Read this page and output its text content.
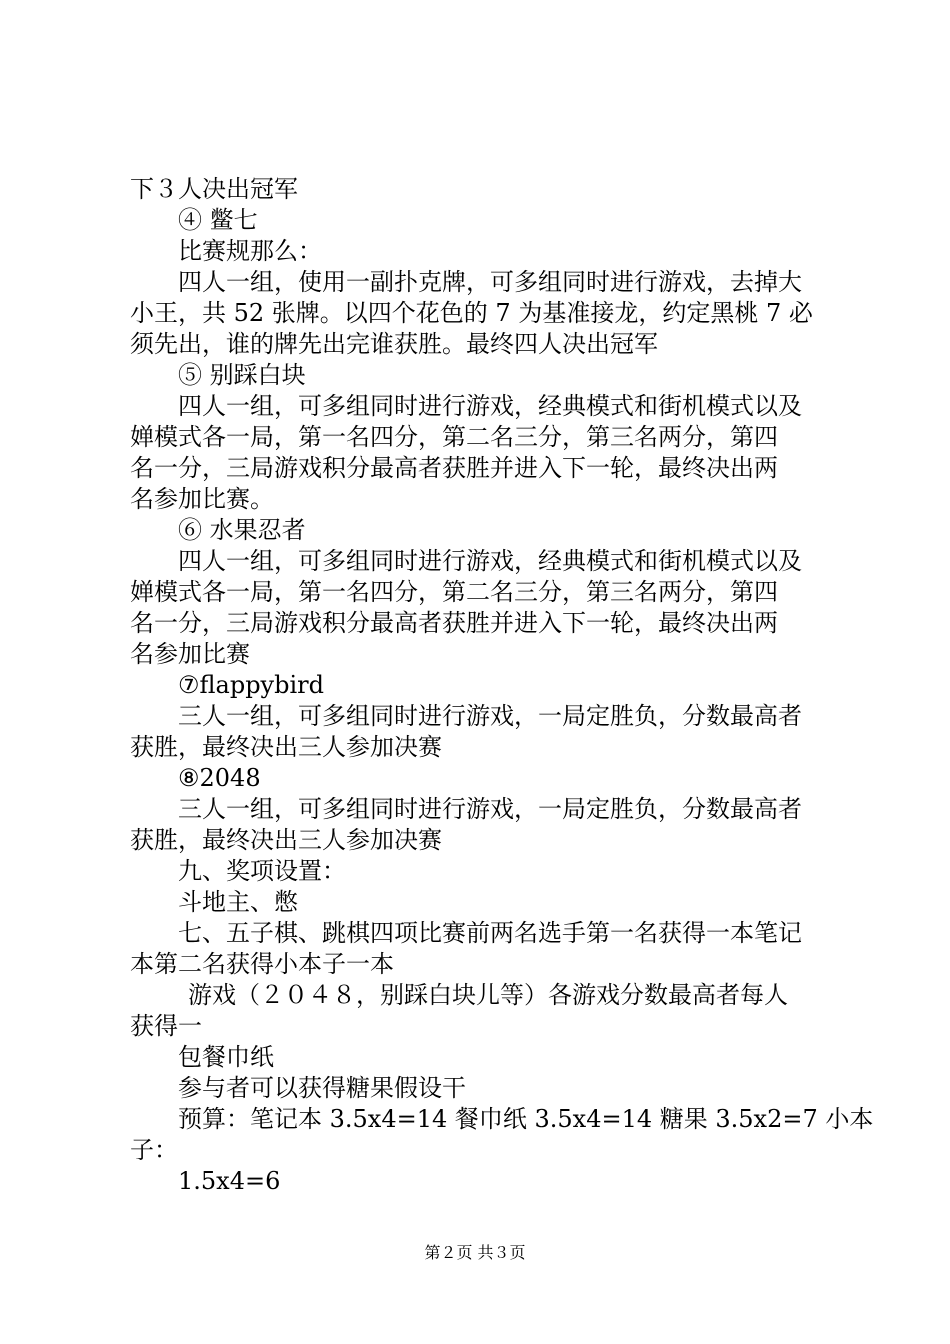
下３人决出冠军
④ 鳖七
比赛规那么：
四人一组，使用一副扑克牌，可多组同时进行游戏，去掉大
小王，共 52 张牌。以四个花色的 7 为基准接龙，约定黑桃 7 必
须先出，谁的牌先出完谁获胜。最终四人决出冠军
⑤ 别踩白块
四人一组，可多组同时进行游戏，经典模式和街机模式以及
婵模式各一局，第一名四分，第二名三分，第三名两分，第四
名一分，三局游戏积分最高者获胜并进入下一轮，最终决出两
名参加比赛。
⑥ 水果忍者
四人一组，可多组同时进行游戏，经典模式和街机模式以及
婵模式各一局，第一名四分，第二名三分，第三名两分，第四
名一分，三局游戏积分最高者获胜并进入下一轮，最终决出两
名参加比赛
⑦flappybird
三人一组，可多组同时进行游戏，一局定胜负，分数最高者
获胜，最终决出三人参加决赛
⑧2048
三人一组，可多组同时进行游戏，一局定胜负，分数最高者
获胜，最终决出三人参加决赛
九、奖项设置：
斗地主、憋
七、五子棋、跳棋四项比赛前两名选手第一名获得一本笔记
本第二名获得小本子一本
游戏（２０４８，别踩白块儿等）各游戏分数最高者每人
获得一
包餐巾纸
参与者可以获得糖果假设干
预算：笔记本 3.5x4=14 餐巾纸 3.5x4=14 糖果 3.5x2=7 小本
子：
1.5x4=6
第２页 共３页
